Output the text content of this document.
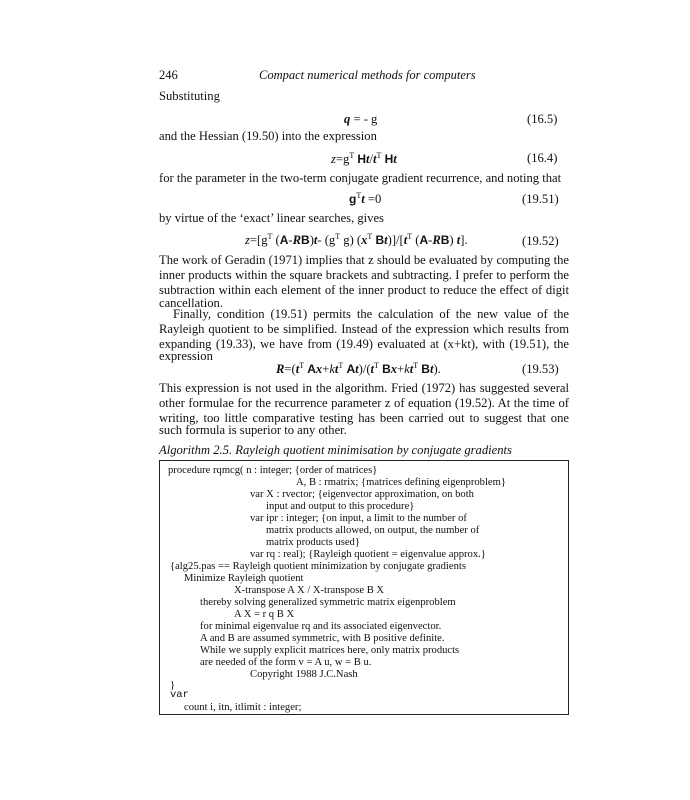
246	Compact numerical methods for computers
Substituting
q = - g	(16.5)
and the Hessian (19.50) into the expression
$z=g^T$ $Ht/t^T$ Ht	(16.4)
for the parameter in the two-term conjugate gradient recurrence, and noting that
$g^Tt =0$	(19.51)
by virtue of the ‘exact’ linear searches, gives
$z=[g^T$ (A-RB)t- ($g^T$ g) ($x^T$ $Bt)]/[t^T$ (A-RB) t].	(19.52)
The work of Geradin (1971) implies that z should be evaluated by computing the
inner products within the square brackets and subtracting. I prefer to perform the
subtraction within each element of the inner product to reduce the effect of digit
cancellation.
Finally, condition (19.51) permits the calculation of the new value of the
Rayleigh quotient to be simplified. Instead of the expression which results from
expanding (19.33), we have from (19.49) evaluated at (x+kt), with (19.51), the
expression
$R=(t^T$ $Ax+kt^T$ $At)/(t^T$ $Bx+kt^T$ Bt).	(19.53)
This expression is not used in the algorithm. Fried (1972) has suggested several
other formulae for the recurrence parameter z of equation (19.52). At the time of
writing, too little comparative testing has been carried out to suggest that one
such formula is superior to any other.
Algorithm 2.5. Rayleigh quotient minimisation by conjugate gradients
procedure rqmcg( n : integer; {order of matrices}
A, B : rmatrix; {matrices defining eigenproblem}
var X : rvector; {eigenvector approximation, on both
input and output to this procedure}
var ipr : integer; {on input, a limit to the number of
matrix products allowed, on output, the number of
matrix products used}
var rq : real); {Rayleigh quotient = eigenvalue approx.}
{alg25.pas == Rayleigh quotient minimization by conjugate gradients
Minimize Rayleigh quotient
X-transpose A X / X-transpose B X
thereby solving generalized symmetric matrix eigenproblem
A X = r q B X
for minimal eigenvalue rq and its associated eigenvector.
A and B are assumed symmetric, with B positive definite.
While we supply explicit matrices here, only matrix products
are needed of the form v = A u, w = B u.
Copyright 1988 J.C.Nash
}
var
count i, itn, itlimit : integer;
